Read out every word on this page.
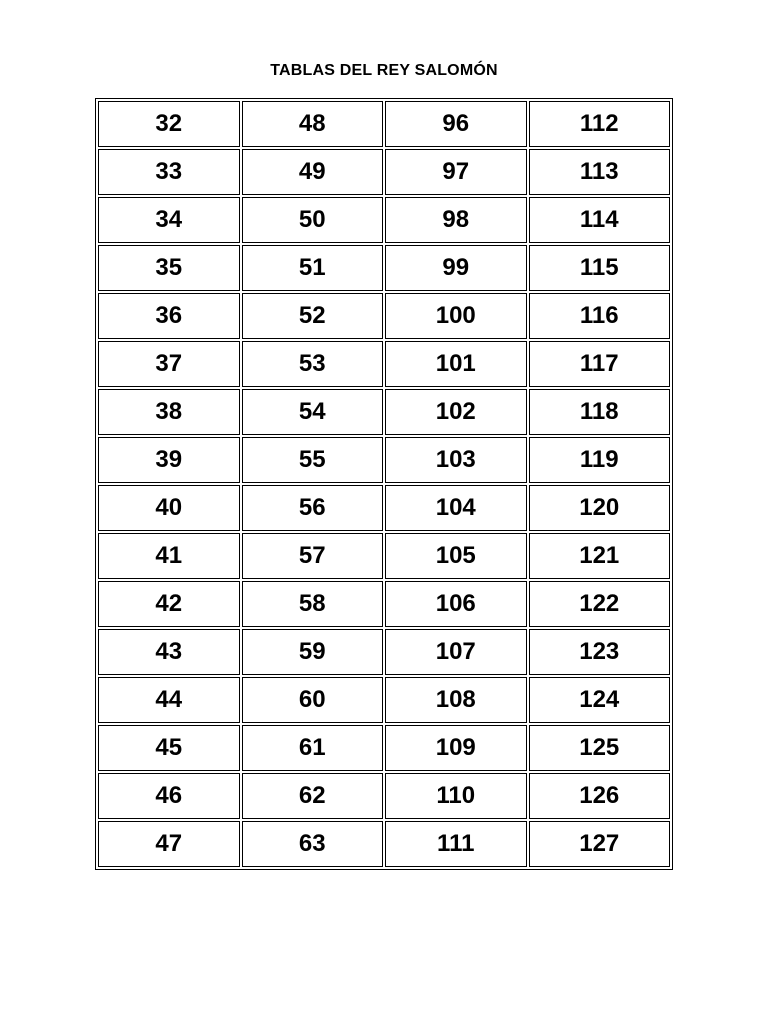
TABLAS DEL REY SALOMÓN
32	48	96	112
33	49	97	113
34	50	98	114
35	51	99	115
36	52	100	116
37	53	101	117
38	54	102	118
39	55	103	119
40	56	104	120
41	57	105	121
42	58	106	122
43	59	107	123
44	60	108	124
45	61	109	125
46	62	110	126
47	63	111	127
